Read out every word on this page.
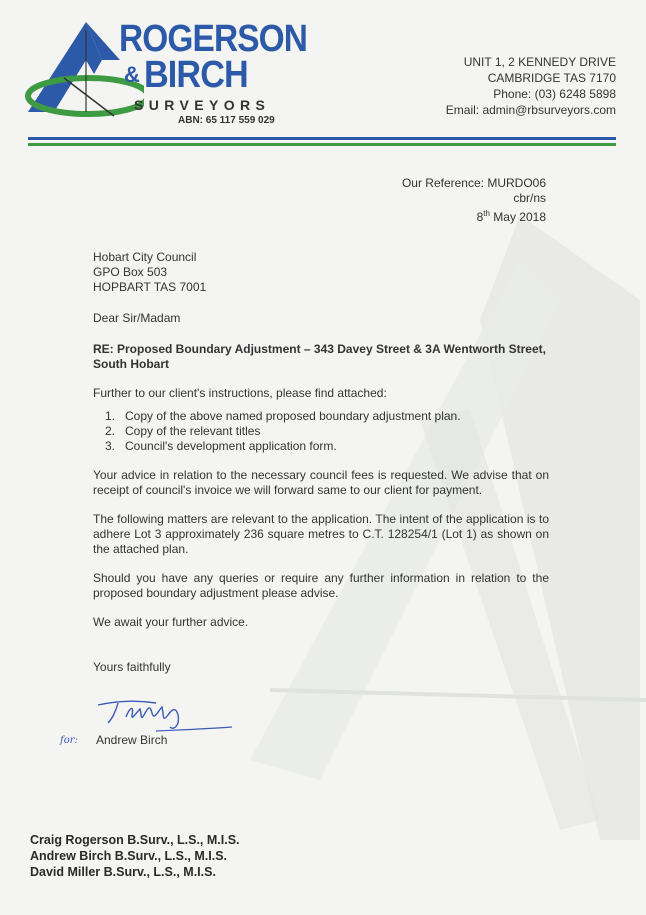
ROGERSON
& BIRCH
SURVEYORS
ABN: 65 117 559 029
UNIT 1, 2 KENNEDY DRIVE
CAMBRIDGE TAS 7170
Phone: (03) 6248 5898
Email: admin@rbsurveyors.com
Our Reference: MURDO06
cbr/ns
8th May 2018
Hobart City Council
GPO Box 503
HOPBART TAS 7001

Dear Sir/Madam

RE: Proposed Boundary Adjustment – 343 Davey Street & 3A Wentworth Street, South Hobart

Further to our client's instructions, please find attached:

1. Copy of the above named proposed boundary adjustment plan.
2. Copy of the relevant titles
3. Council's development application form.

Your advice in relation to the necessary council fees is requested. We advise that on receipt of council's invoice we will forward same to our client for payment.

The following matters are relevant to the application. The intent of the application is to adhere Lot 3 approximately 236 square metres to C.T. 128254/1 (Lot 1) as shown on the attached plan.

Should you have any queries or require any further information in relation to the proposed boundary adjustment please advise.

We await your further advice.

Yours faithfully

for: Andrew Birch
Craig Rogerson B.Surv., L.S., M.I.S.
Andrew Birch B.Surv., L.S., M.I.S.
David Miller B.Surv., L.S., M.I.S.
